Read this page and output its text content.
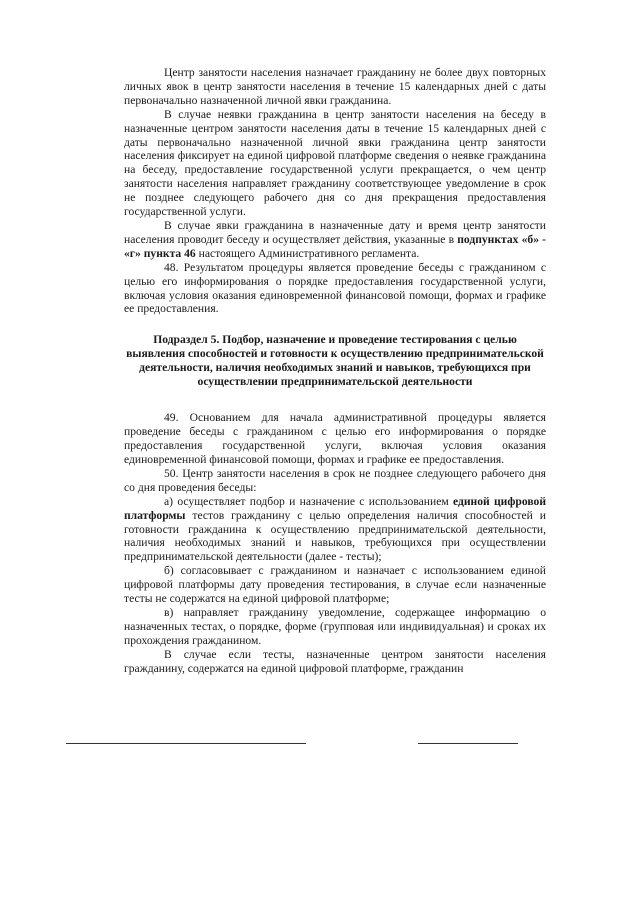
Центр занятости населения назначает гражданину не более двух повторных личных явок в центр занятости населения в течение 15 календарных дней с даты первоначально назначенной личной явки гражданина.

В случае неявки гражданина в центр занятости населения на беседу в назначенные центром занятости населения даты в течение 15 календарных дней с даты первоначально назначенной личной явки гражданина центр занятости населения фиксирует на единой цифровой платформе сведения о неявке гражданина на беседу, предоставление государственной услуги прекращается, о чем центр занятости населения направляет гражданину соответствующее уведомление в срок не позднее следующего рабочего дня со дня прекращения предоставления государственной услуги.

В случае явки гражданина в назначенные дату и время центр занятости населения проводит беседу и осуществляет действия, указанные в подпунктах «б» - «г» пункта 46 настоящего Административного регламента.

48. Результатом процедуры является проведение беседы с гражданином с целью его информирования о порядке предоставления государственной услуги, включая условия оказания единовременной финансовой помощи, формах и графике ее предоставления.

Подраздел 5. Подбор, назначение и проведение тестирования с целью выявления способностей и готовности к осуществлению предпринимательской деятельности, наличия необходимых знаний и навыков, требующихся при осуществлении предпринимательской деятельности

49. Основанием для начала административной процедуры является проведение беседы с гражданином с целью его информирования о порядке предоставления государственной услуги, включая условия оказания единовременной финансовой помощи, формах и графике ее предоставления.

50. Центр занятости населения в срок не позднее следующего рабочего дня со дня проведения беседы:

а) осуществляет подбор и назначение с использованием единой цифровой платформы тестов гражданину с целью определения наличия способностей и готовности гражданина к осуществлению предпринимательской деятельности, наличия необходимых знаний и навыков, требующихся при осуществлении предпринимательской деятельности (далее - тесты);

б) согласовывает с гражданином и назначает с использованием единой цифровой платформы дату проведения тестирования, в случае если назначенные тесты не содержатся на единой цифровой платформе;

в) направляет гражданину уведомление, содержащее информацию о назначенных тестах, о порядке, форме (групповая или индивидуальная) и сроках их прохождения гражданином.

В случае если тесты, назначенные центром занятости населения гражданину, содержатся на единой цифровой платформе, гражданин
